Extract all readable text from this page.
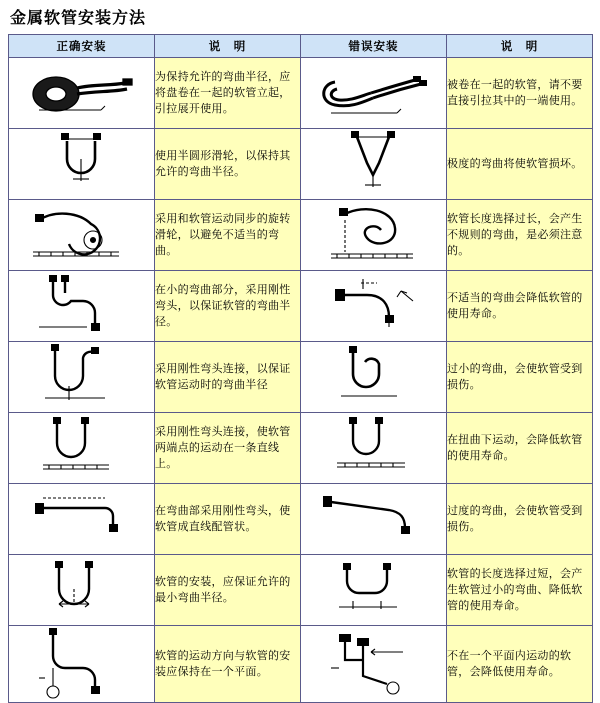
金属软管安装方法
正确安装	说　明	错误安装	说　明

	为保持允许的弯曲半径，应将盘卷在一起的软管立起，引拉展开使用。		被卷在一起的软管，请不要直接引拉其中的一端使用。

	使用半圆形滑轮，以保持其允许的弯曲半径。		极度的弯曲将使软管损坏。

	采用和软管运动同步的旋转滑轮，以避免不适当的弯曲。		软管长度选择过长，会产生不规则的弯曲，是必须注意的。

	在小的弯曲部分，采用刚性弯头，以保证软管的弯曲半径。		不适当的弯曲会降低软管的使用寿命。

	采用刚性弯头连接，以保证软管运动时的弯曲半径		过小的弯曲，会使软管受到损伤。

	采用刚性弯头连接，使软管两端点的运动在一条直线上。		在扭曲下运动，会降低软管的使用寿命。

	在弯曲部采用刚性弯头，使软管成直线配管状。		过度的弯曲，会使软管受到损伤。

	软管的安装，应保证允许的最小弯曲半径。		软管的长度选择过短，会产生软管过小的弯曲、降低软管的使用寿命。

	软管的运动方向与软管的安装应保持在一个平面。		不在一个平面内运动的软管，会降低使用寿命。
